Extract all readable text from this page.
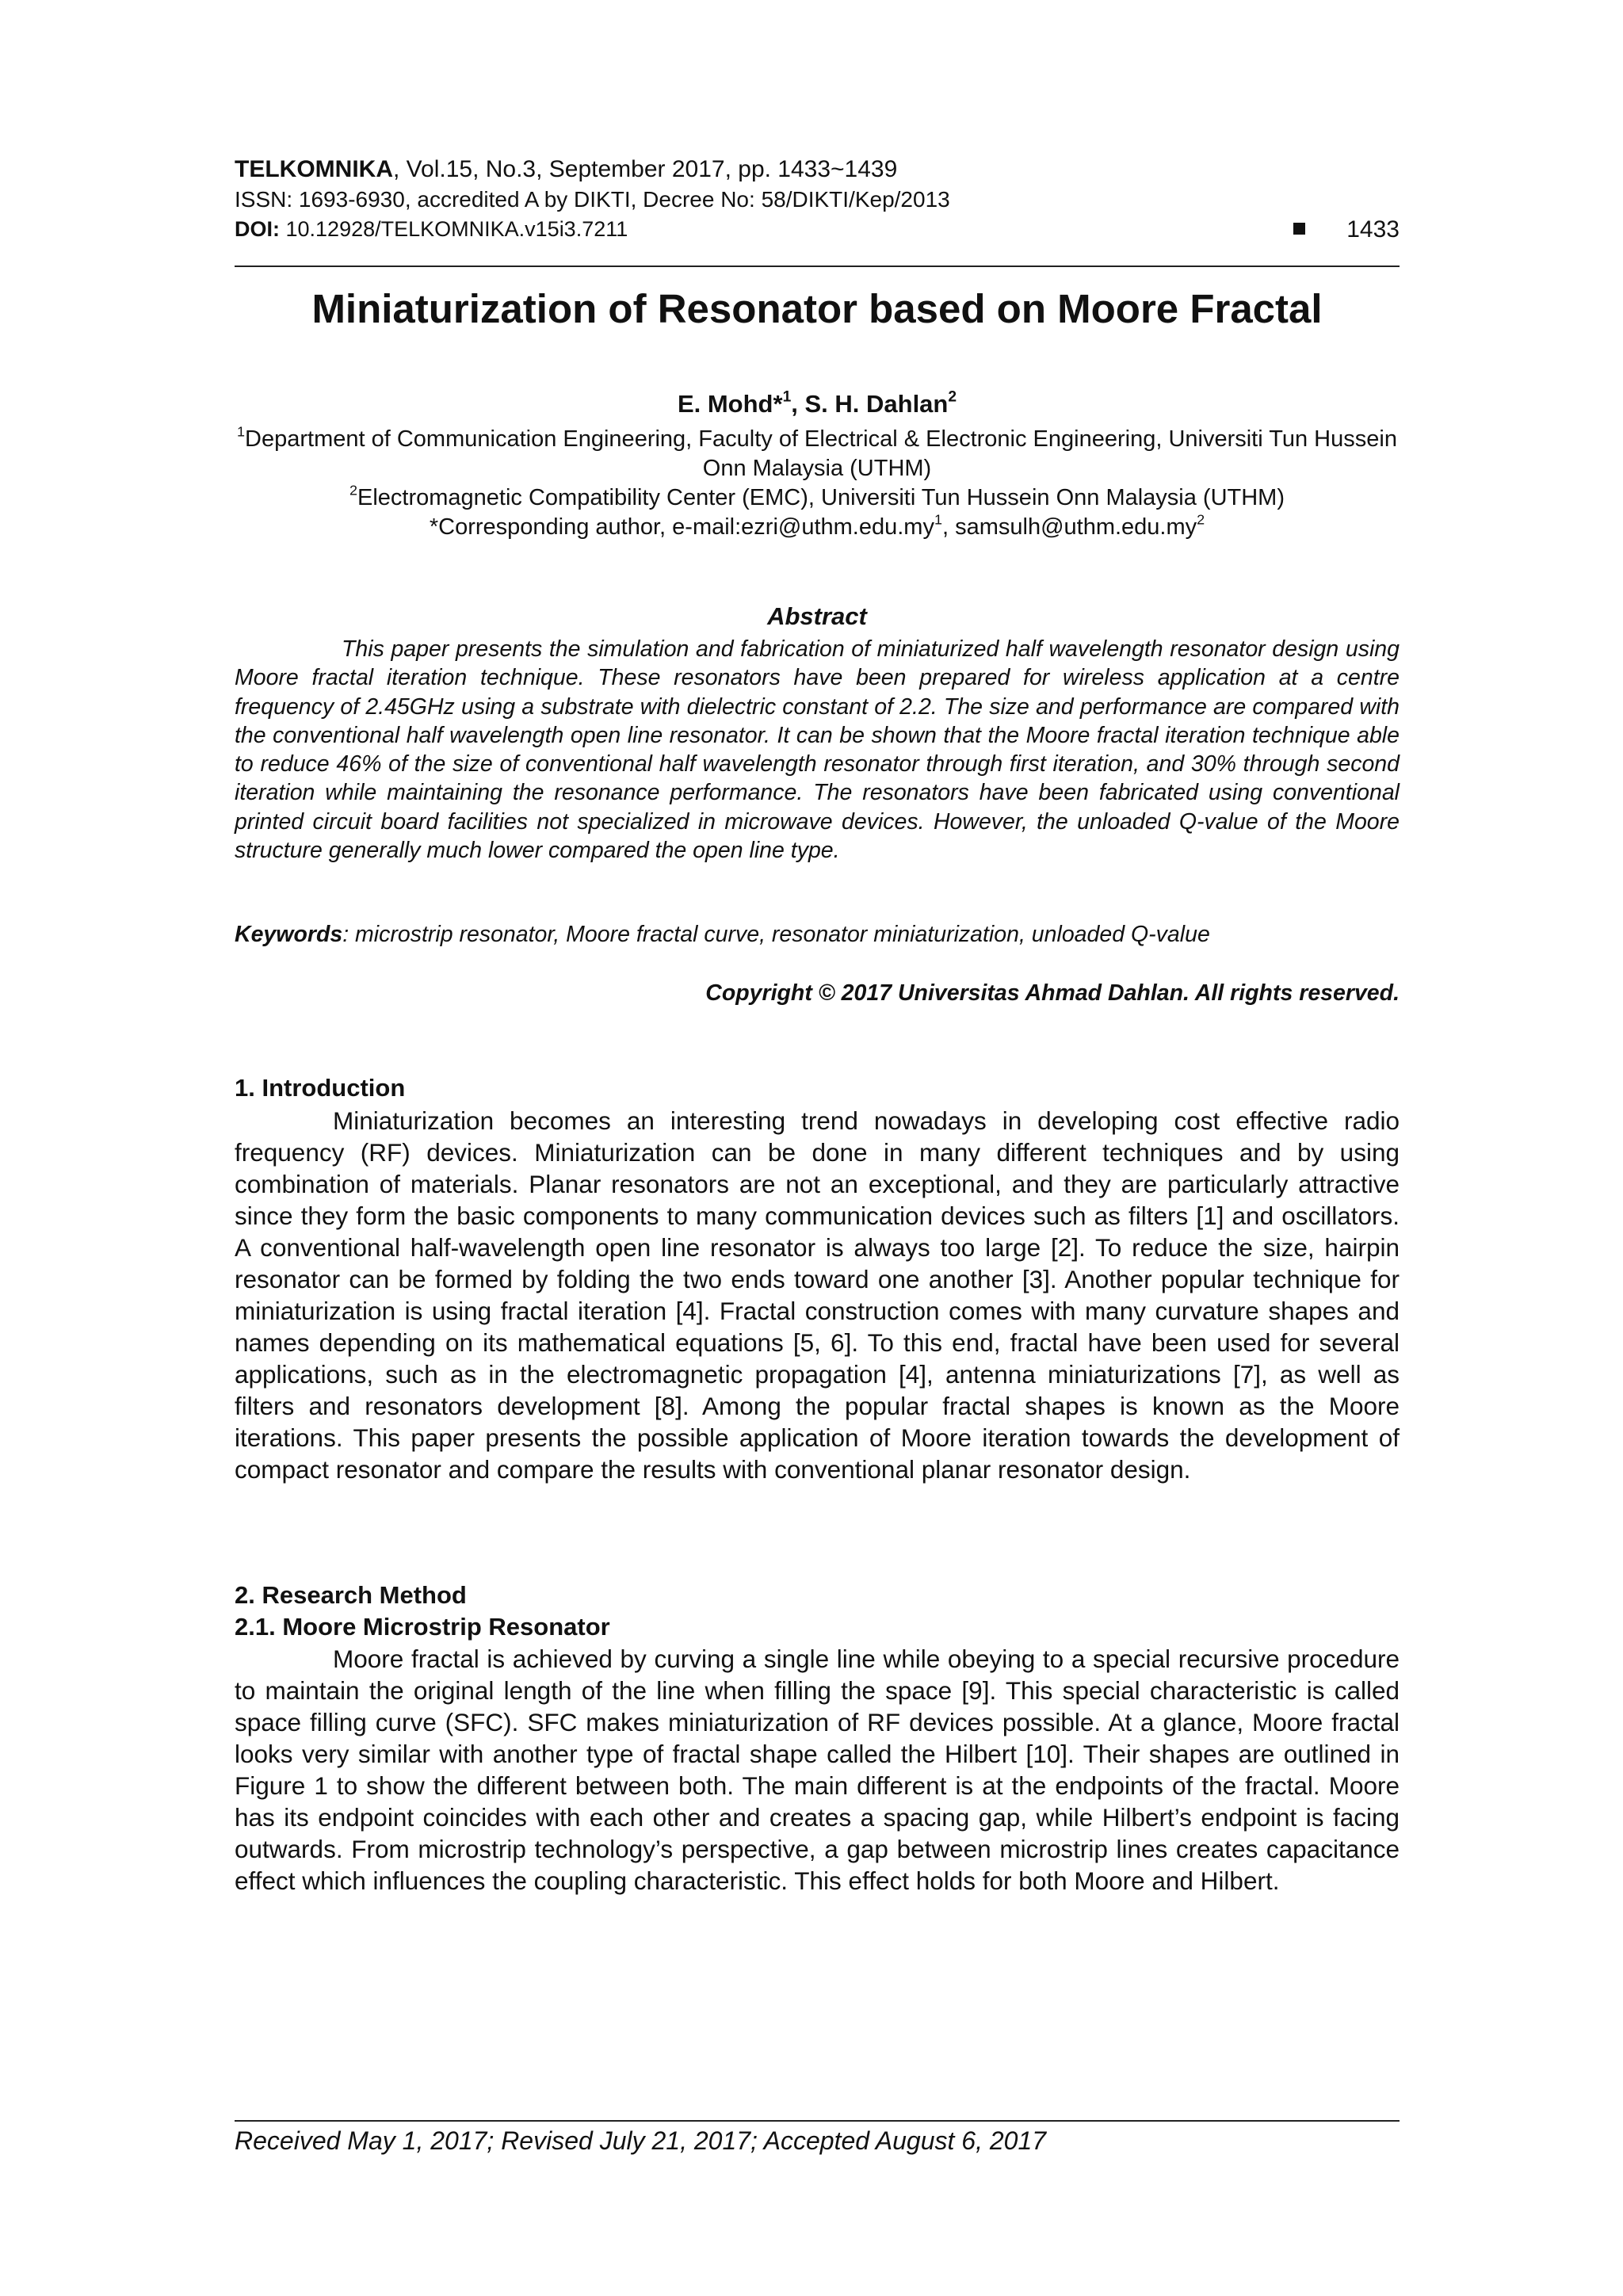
TELKOMNIKA, Vol.15, No.3, September 2017, pp. 1433~1439
ISSN: 1693-6930, accredited A by DIKTI, Decree No: 58/DIKTI/Kep/2013
DOI: 10.12928/TELKOMNIKA.v15i3.7211	1433
Miniaturization of Resonator based on Moore Fractal
E. Mohd*$^1$, S. H. Dahlan$^2$
$^1$Department of Communication Engineering, Faculty of Electrical & Electronic Engineering, Universiti Tun Hussein Onn Malaysia (UTHM)
$^2$Electromagnetic Compatibility Center (EMC), Universiti Tun Hussein Onn Malaysia (UTHM)
*Corresponding author, $e-mail:ezri@uthm.edu.my^1$, $samsulh@uthm.edu.my^2$
Abstract
This paper presents the simulation and fabrication of miniaturized half wavelength resonator design using Moore fractal iteration technique. These resonators have been prepared for wireless application at a centre frequency of 2.45GHz using a substrate with dielectric constant of 2.2. The size and performance are compared with the conventional half wavelength open line resonator. It can be shown that the Moore fractal iteration technique able to reduce 46% of the size of conventional half wavelength resonator through first iteration, and 30% through second iteration while maintaining the resonance performance. The resonators have been fabricated using conventional printed circuit board facilities not specialized in microwave devices. However, the unloaded Q-value of the Moore structure generally much lower compared the open line type.
Keywords: microstrip resonator, Moore fractal curve, resonator miniaturization, unloaded Q-value
Copyright © 2017 Universitas Ahmad Dahlan. All rights reserved.
1. Introduction
Miniaturization becomes an interesting trend nowadays in developing cost effective radio frequency (RF) devices. Miniaturization can be done in many different techniques and by using combination of materials. Planar resonators are not an exceptional, and they are particularly attractive since they form the basic components to many communication devices such as filters [1] and oscillators. A conventional half-wavelength open line resonator is always too large [2]. To reduce the size, hairpin resonator can be formed by folding the two ends toward one another [3]. Another popular technique for miniaturization is using fractal iteration [4]. Fractal construction comes with many curvature shapes and names depending on its mathematical equations [5, 6]. To this end, fractal have been used for several applications, such as in the electromagnetic propagation [4], antenna miniaturizations [7], as well as filters and resonators development [8]. Among the popular fractal shapes is known as the Moore iterations. This paper presents the possible application of Moore iteration towards the development of compact resonator and compare the results with conventional planar resonator design.
2. Research Method
2.1. Moore Microstrip Resonator
Moore fractal is achieved by curving a single line while obeying to a special recursive procedure to maintain the original length of the line when filling the space [9]. This special characteristic is called space filling curve (SFC). SFC makes miniaturization of RF devices possible. At a glance, Moore fractal looks very similar with another type of fractal shape called the Hilbert [10]. Their shapes are outlined in Figure 1 to show the different between both. The main different is at the endpoints of the fractal. Moore has its endpoint coincides with each other and creates a spacing gap, while Hilbert’s endpoint is facing outwards. From microstrip technology’s perspective, a gap between microstrip lines creates capacitance effect which influences the coupling characteristic. This effect holds for both Moore and Hilbert.
Received May 1, 2017; Revised July 21, 2017; Accepted August 6, 2017
